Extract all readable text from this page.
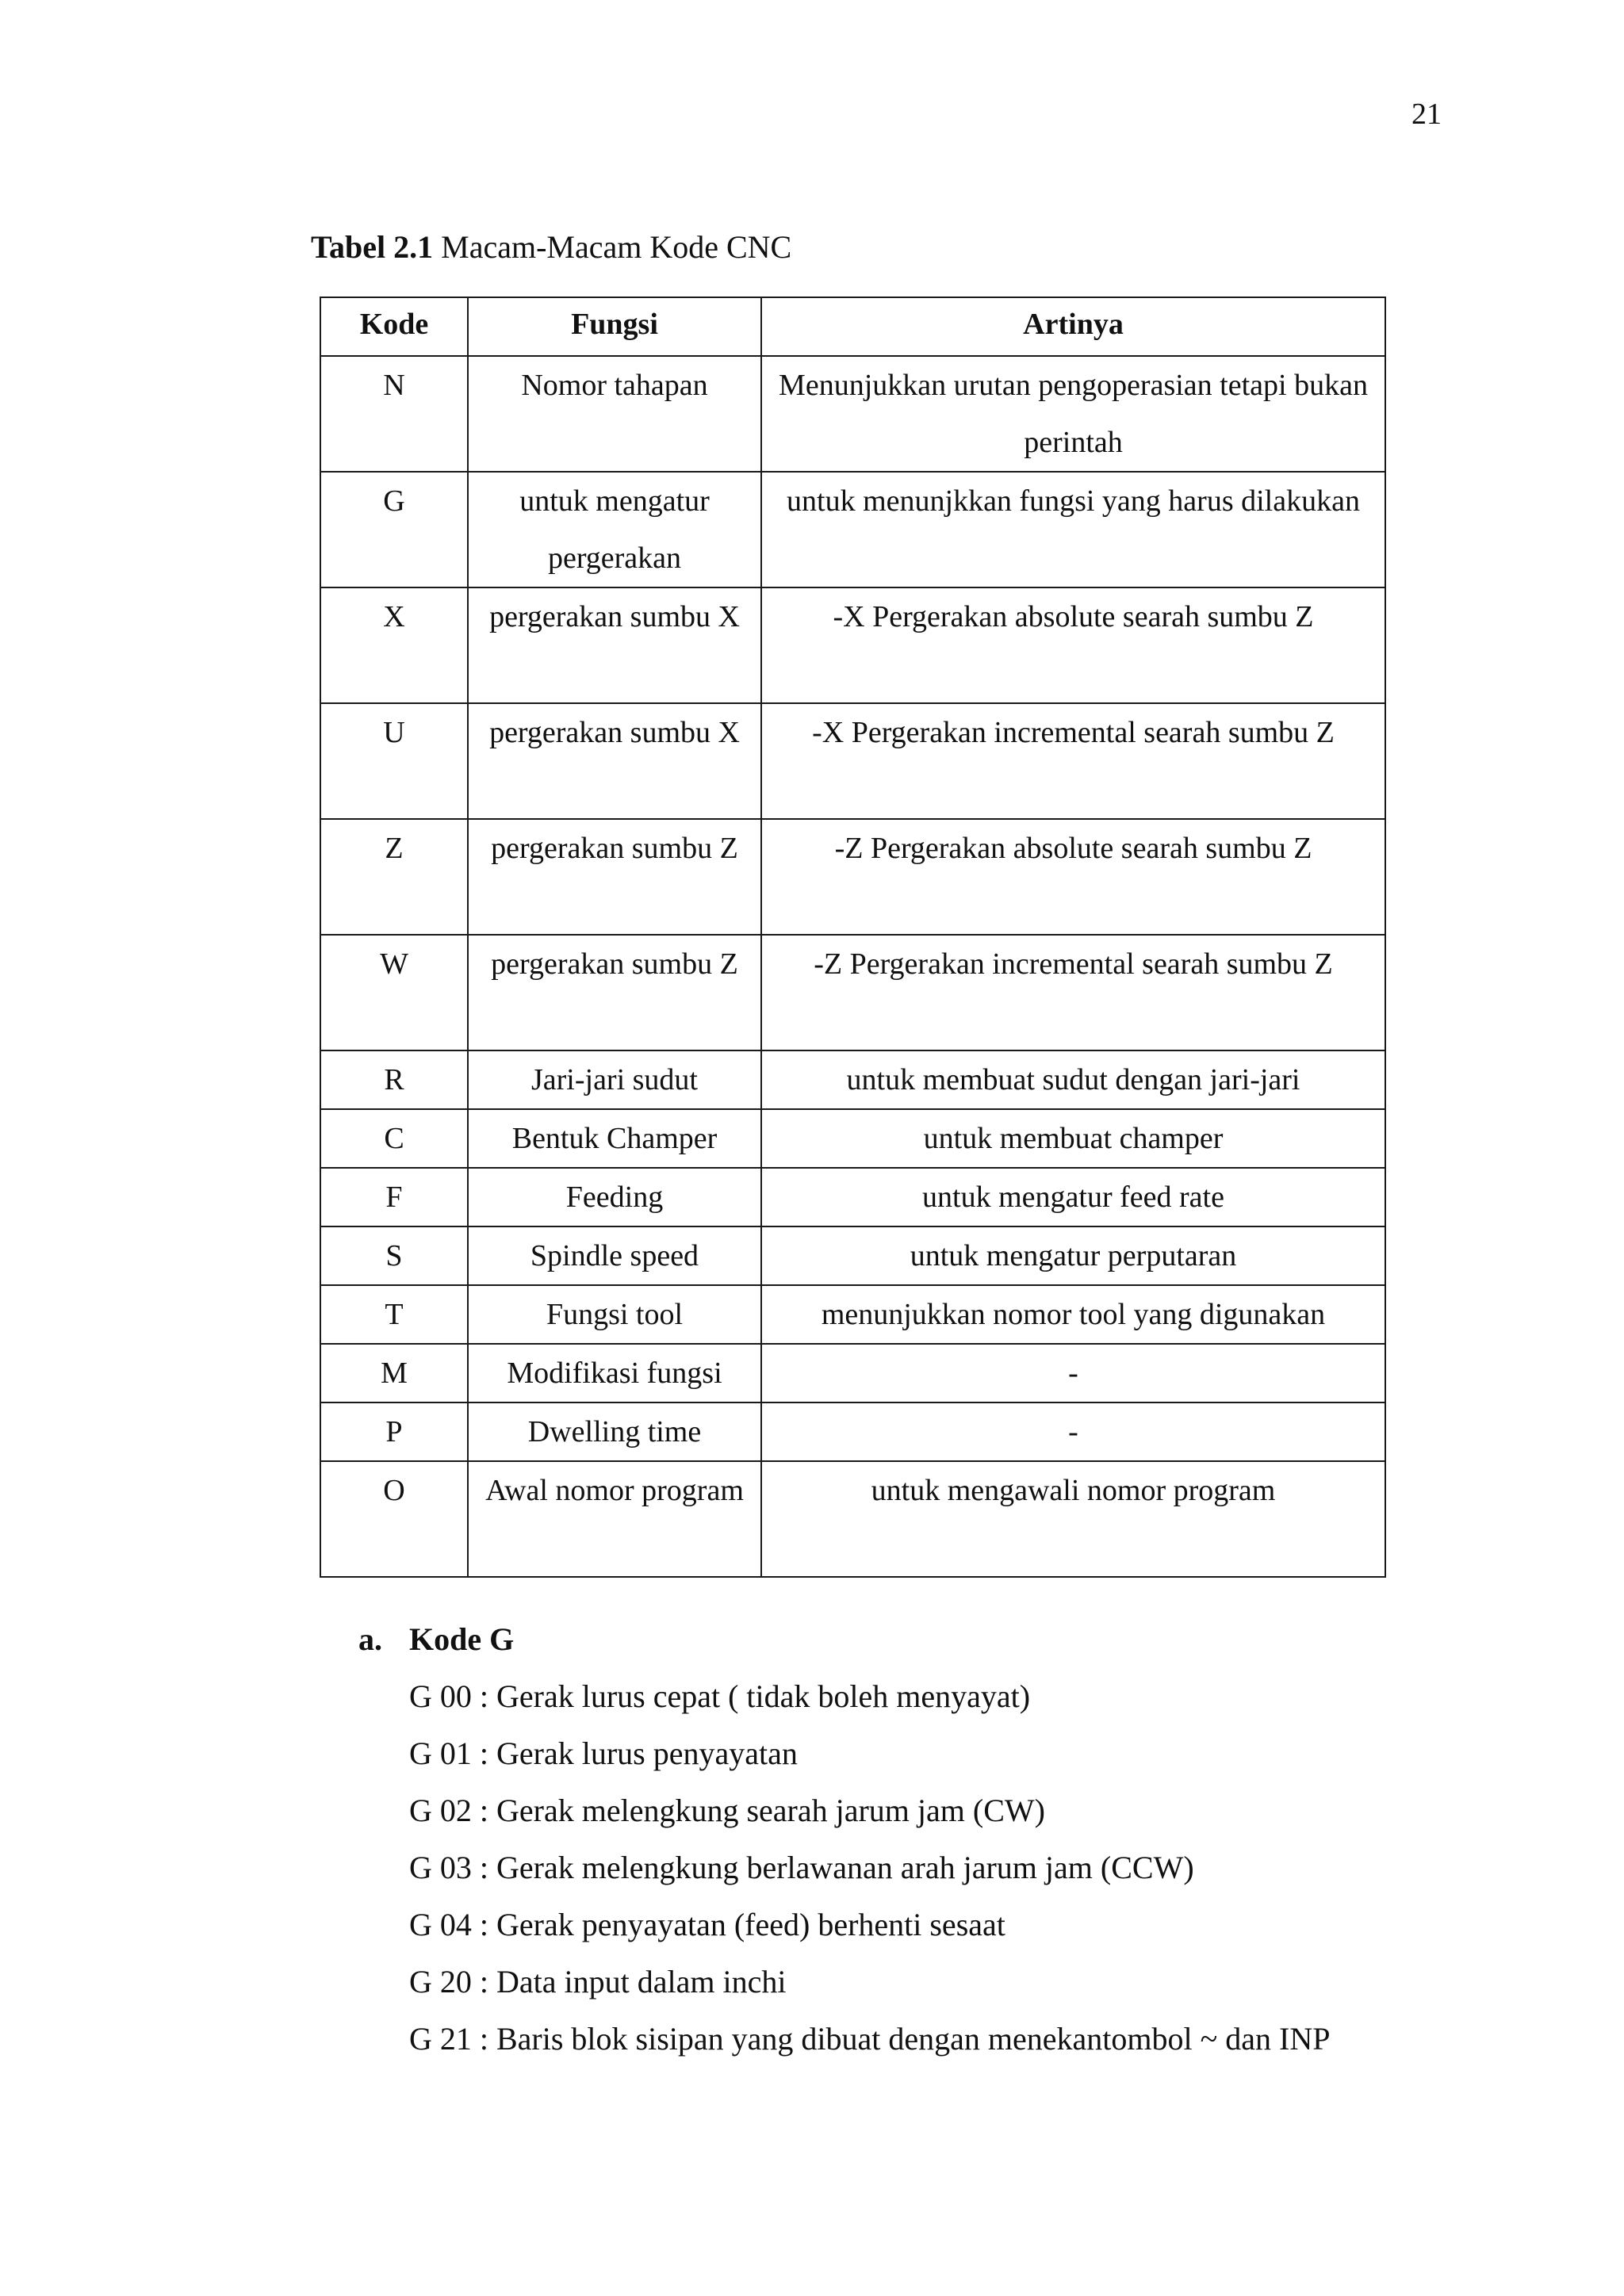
21
Tabel 2.1 Macam-Macam Kode CNC
Kode	Fungsi	Artinya
N	Nomor tahapan	Menunjukkan urutan pengoperasian tetapi bukan perintah
G	untuk mengatur pergerakan	untuk menunjkkan fungsi yang harus dilakukan
X	pergerakan sumbu X	-X Pergerakan absolute searah sumbu Z
U	pergerakan sumbu X	-X Pergerakan incremental searah sumbu Z
Z	pergerakan sumbu Z	-Z Pergerakan absolute searah sumbu Z
W	pergerakan sumbu Z	-Z Pergerakan incremental searah sumbu Z
R	Jari-jari sudut	untuk membuat sudut dengan jari-jari
C	Bentuk Champer	untuk membuat champer
F	Feeding	untuk mengatur feed rate
S	Spindle speed	untuk mengatur perputaran
T	Fungsi tool	menunjukkan nomor tool yang digunakan
M	Modifikasi fungsi	-
P	Dwelling time	-
O	Awal nomor program	untuk mengawali nomor program
a. Kode G
G 00 : Gerak lurus cepat ( tidak boleh menyayat)
G 01 : Gerak lurus penyayatan
G 02 : Gerak melengkung searah jarum jam (CW)
G 03 : Gerak melengkung berlawanan arah jarum jam (CCW)
G 04 : Gerak penyayatan (feed) berhenti sesaat
G 20 : Data input dalam inchi
G 21 : Baris blok sisipan yang dibuat dengan menekantombol ~ dan INP
